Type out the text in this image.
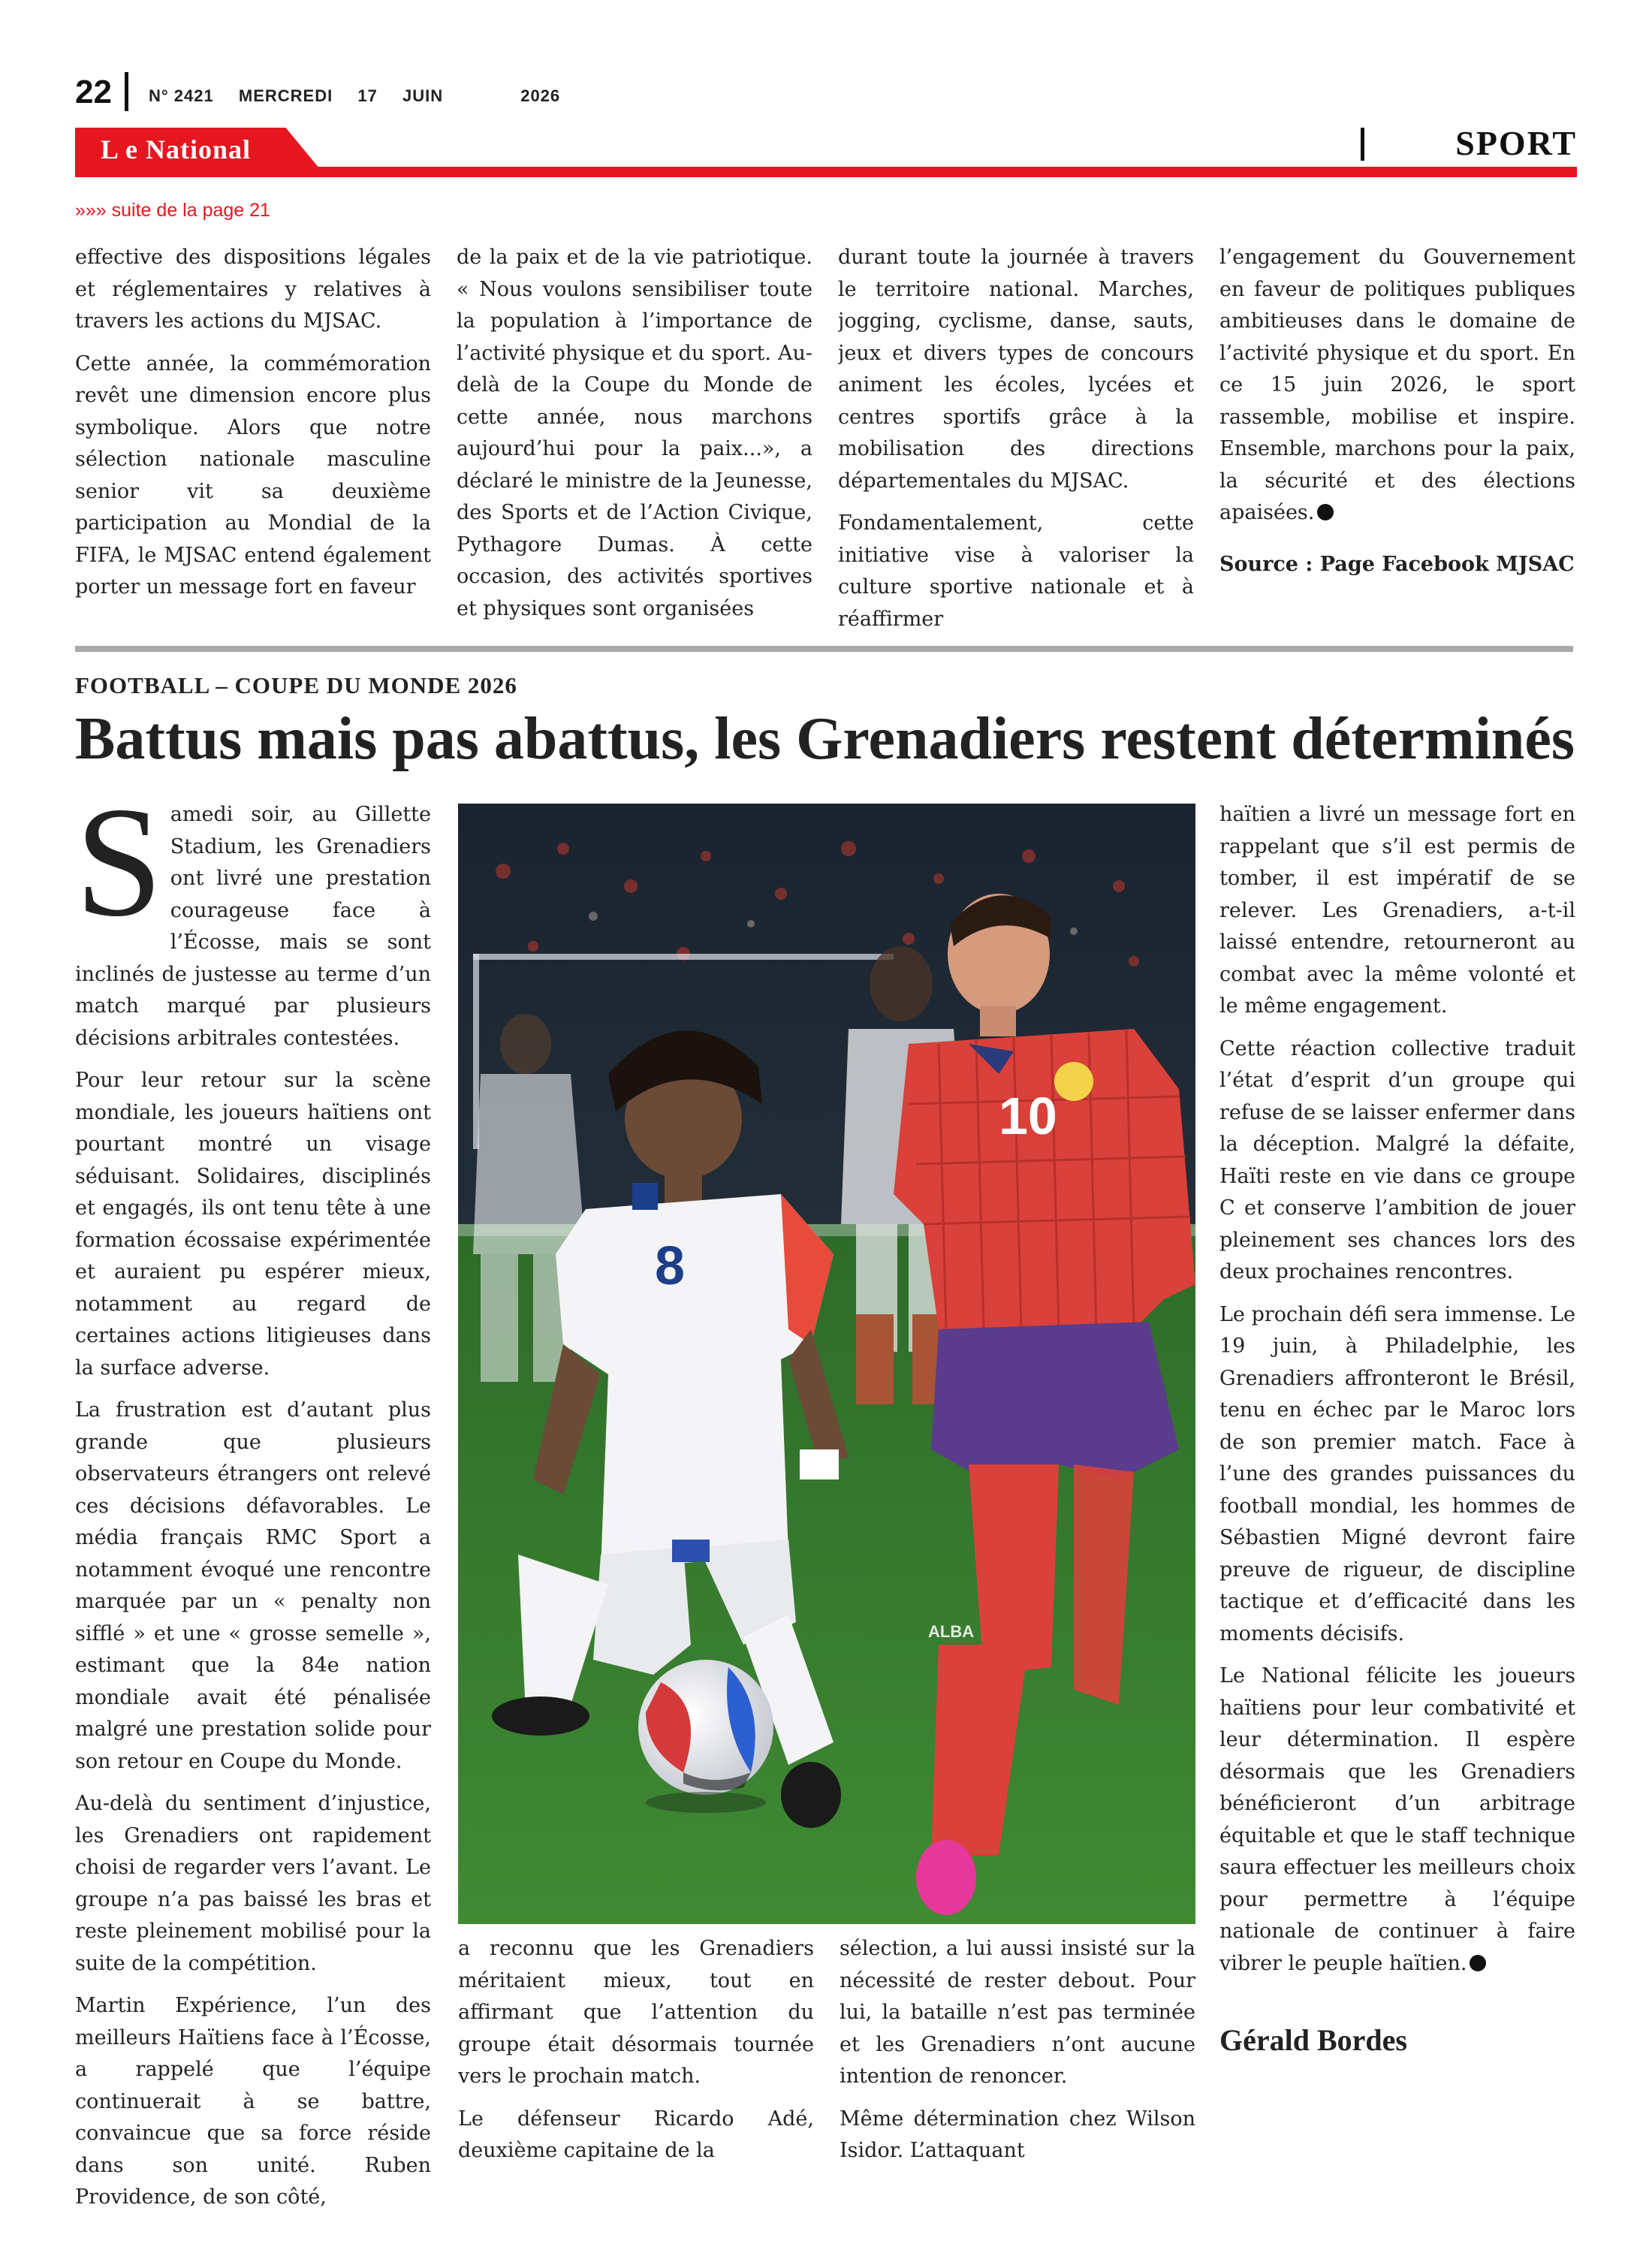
22 N° 2421 MERCREDI 17 JUIN	2026
L e National	SPORT
»»» suite de la page 21

effective des dispositions légales et réglementaires y relatives à travers les actions du MJSAC.

Cette année, la commémoration revêt une dimension encore plus symbolique. Alors que notre sélection nationale masculine senior vit sa deuxième participation au Mondial de la FIFA, le MJSAC entend également porter un message fort en faveur

de la paix et de la vie patriotique. « Nous voulons sensibiliser toute la population à l’importance de l’activité physique et du sport. Au-delà de la Coupe du Monde de cette année, nous marchons aujourd’hui pour la paix...», a déclaré le ministre de la Jeunesse, des Sports et de l’Action Civique, Pythagore Dumas. À cette occasion, des activités sportives et physiques sont organisées

durant toute la journée à travers le territoire national. Marches, jogging, cyclisme, danse, sauts, jeux et divers types de concours animent les écoles, lycées et centres sportifs grâce à la mobilisation des directions départementales du MJSAC.

Fondamentalement, cette initiative vise à valoriser la culture sportive nationale et à réaffirmer

l’engagement du Gouvernement en faveur de politiques publiques ambitieuses dans le domaine de l’activité physique et du sport. En ce 15 juin 2026, le sport rassemble, mobilise et inspire. Ensemble, marchons pour la paix, la sécurité et des élections apaisées.

Source : Page Facebook MJSAC

FOOTBALL – COUPE DU MONDE 2026
Battus mais pas abattus, les Grenadiers restent déterminés

Samedi soir, au Gillette Stadium, les Grenadiers ont livré une prestation courageuse face à l’Écosse, mais se sont inclinés de justesse au terme d’un match marqué par plusieurs décisions arbitrales contestées.

Pour leur retour sur la scène mondiale, les joueurs haïtiens ont pourtant montré un visage séduisant. Solidaires, disciplinés et engagés, ils ont tenu tête à une formation écossaise expérimentée et auraient pu espérer mieux, notamment au regard de certaines actions litigieuses dans la surface adverse.

La frustration est d’autant plus grande que plusieurs observateurs étrangers ont relevé ces décisions défavorables. Le média français RMC Sport a notamment évoqué une rencontre marquée par un « penalty non sifflé » et une « grosse semelle », estimant que la 84e nation mondiale avait été pénalisée malgré une prestation solide pour son retour en Coupe du Monde.

Au-delà du sentiment d’injustice, les Grenadiers ont rapidement choisi de regarder vers l’avant. Le groupe n’a pas baissé les bras et reste pleinement mobilisé pour la suite de la compétition.

Martin Expérience, l’un des meilleurs Haïtiens face à l’Écosse, a rappelé que l’équipe continuerait à se battre, convaincue que sa force réside dans son unité. Ruben Providence, de son côté,

8
10
ALBA

a reconnu que les Grenadiers méritaient mieux, tout en affirmant que l’attention du groupe était désormais tournée vers le prochain match.

Le défenseur Ricardo Adé, deuxième capitaine de la

sélection, a lui aussi insisté sur la nécessité de rester debout. Pour lui, la bataille n’est pas terminée et les Grenadiers n’ont aucune intention de renoncer.

Même détermination chez Wilson Isidor. L’attaquant

haïtien a livré un message fort en rappelant que s’il est permis de tomber, il est impératif de se relever. Les Grenadiers, a-t-il laissé entendre, retourneront au combat avec la même volonté et le même engagement.

Cette réaction collective traduit l’état d’esprit d’un groupe qui refuse de se laisser enfermer dans la déception. Malgré la défaite, Haïti reste en vie dans ce groupe C et conserve l’ambition de jouer pleinement ses chances lors des deux prochaines rencontres.

Le prochain défi sera immense. Le 19 juin, à Philadelphie, les Grenadiers affronteront le Brésil, tenu en échec par le Maroc lors de son premier match. Face à l’une des grandes puissances du football mondial, les hommes de Sébastien Migné devront faire preuve de rigueur, de discipline tactique et d’efficacité dans les moments décisifs.

Le National félicite les joueurs haïtiens pour leur combativité et leur détermination. Il espère désormais que les Grenadiers bénéficieront d’un arbitrage équitable et que le staff technique saura effectuer les meilleurs choix pour permettre à l’équipe nationale de continuer à faire vibrer le peuple haïtien.

Gérald Bordes
